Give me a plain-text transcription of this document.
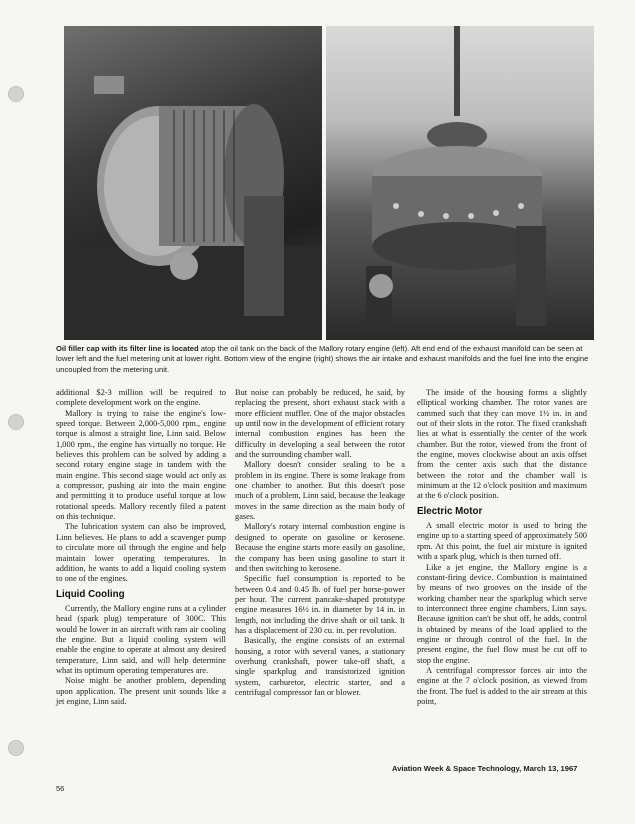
Oil filler cap with its filter line is located atop the oil tank on the back of the Mallory rotary engine (left). Aft end end of the exhaust manifold can be seen at lower left and the fuel metering unit at lower right. Bottom view of the engine (right) shows the air intake and exhaust manifolds and the fuel line into the engine uncoupled from the metering unit.

additional $2-3 million will be required to complete development work on the engine.

Mallory is trying to raise the engine's low-speed torque. Between 2,000-5,000 rpm., engine torque is almost a straight line, Linn said. Below 1,000 rpm., the engine has virtually no torque. He believes this problem can be solved by adding a second rotary engine stage in tandem with the main engine. This second stage would act only as a compressor, pushing air into the main engine and permitting it to produce useful torque at low rotational speeds. Mallory recently filed a patent on this technique.

The lubrication system can also be improved, Linn believes. He plans to add a scavenger pump to circulate more oil through the engine and help maintain lower operating temperatures. In addition, he wants to add a liquid cooling system to one of the engines.

Liquid Cooling

Currently, the Mallory engine runs at a cylinder head (spark plug) temperature of 300C. This would be lower in an aircraft with ram air cooling the engine. But a liquid cooling system will enable the engine to operate at almost any desired temperature, Linn said, and will help determine what its optimum operating temperatures are.

Noise might be another problem, depending upon application. The present unit sounds like a jet engine, Linn said.

But noise can probably be reduced, he said, by replacing the present, short exhaust stack with a more efficient muffler. One of the major obstacles up until now in the development of efficient rotary internal combustion engines has been the difficulty in developing a seal between the rotor and the surrounding chamber wall.

Mallory doesn't consider sealing to be a problem in its engine. There is some leakage from one chamber to another. But this doesn't pose much of a problem, Linn said, because the leakage moves in the same direction as the main body of gases.

Mallory's rotary internal combustion engine is designed to operate on gasoline or kerosene. Because the engine starts more easily on gasoline, the company has been using gasoline to start it and then switching to kerosene.

Specific fuel consumption is reported to be between 0.4 and 0.45 lb. of fuel per horse-power per hour. The current pancake-shaped prototype engine measures 16½ in. in diameter by 14 in. in length, not including the drive shaft or oil tank. It has a displacement of 230 cu. in. per revolution.

Basically, the engine consists of an external housing, a rotor with several vanes, a stationary overhung crankshaft, power take-off shaft, a single sparkplug and transistorized ignition system, carburetor, electric starter, and a centrifugal compressor fan or blower.

The inside of the housing forms a slightly elliptical working chamber. The rotor vanes are cammed such that they can move 1½ in. in and out of their slots in the rotor. The fixed crankshaft lies at what is essentially the center of the work chamber. But the rotor, viewed from the front of the engine, moves clockwise about an axis offset from the center axis such that the distance between the rotor and the chamber wall is minimum at the 12 o'clock position and maximum at the 6 o'clock position.

Electric Motor

A small electric motor is used to bring the engine up to a starting speed of approximately 500 rpm. At this point, the fuel air mixture is ignited with a spark plug, which is then turned off.

Like a jet engine, the Mallory engine is a constant-firing device. Combustion is maintained by means of two grooves on the inside of the working chamber near the sparkplug which serve to interconnect three engine chambers, Linn says. Because ignition can't be shut off, he adds, control is obtained by means of the load applied to the engine or through control of the fuel. In the present engine, the fuel flow must be cut off to stop the engine.

A centrifugal compressor forces air into the engine at the 7 o'clock position, as viewed from the front. The fuel is added to the air stream at this point,

56
Aviation Week & Space Technology, March 13, 1967
